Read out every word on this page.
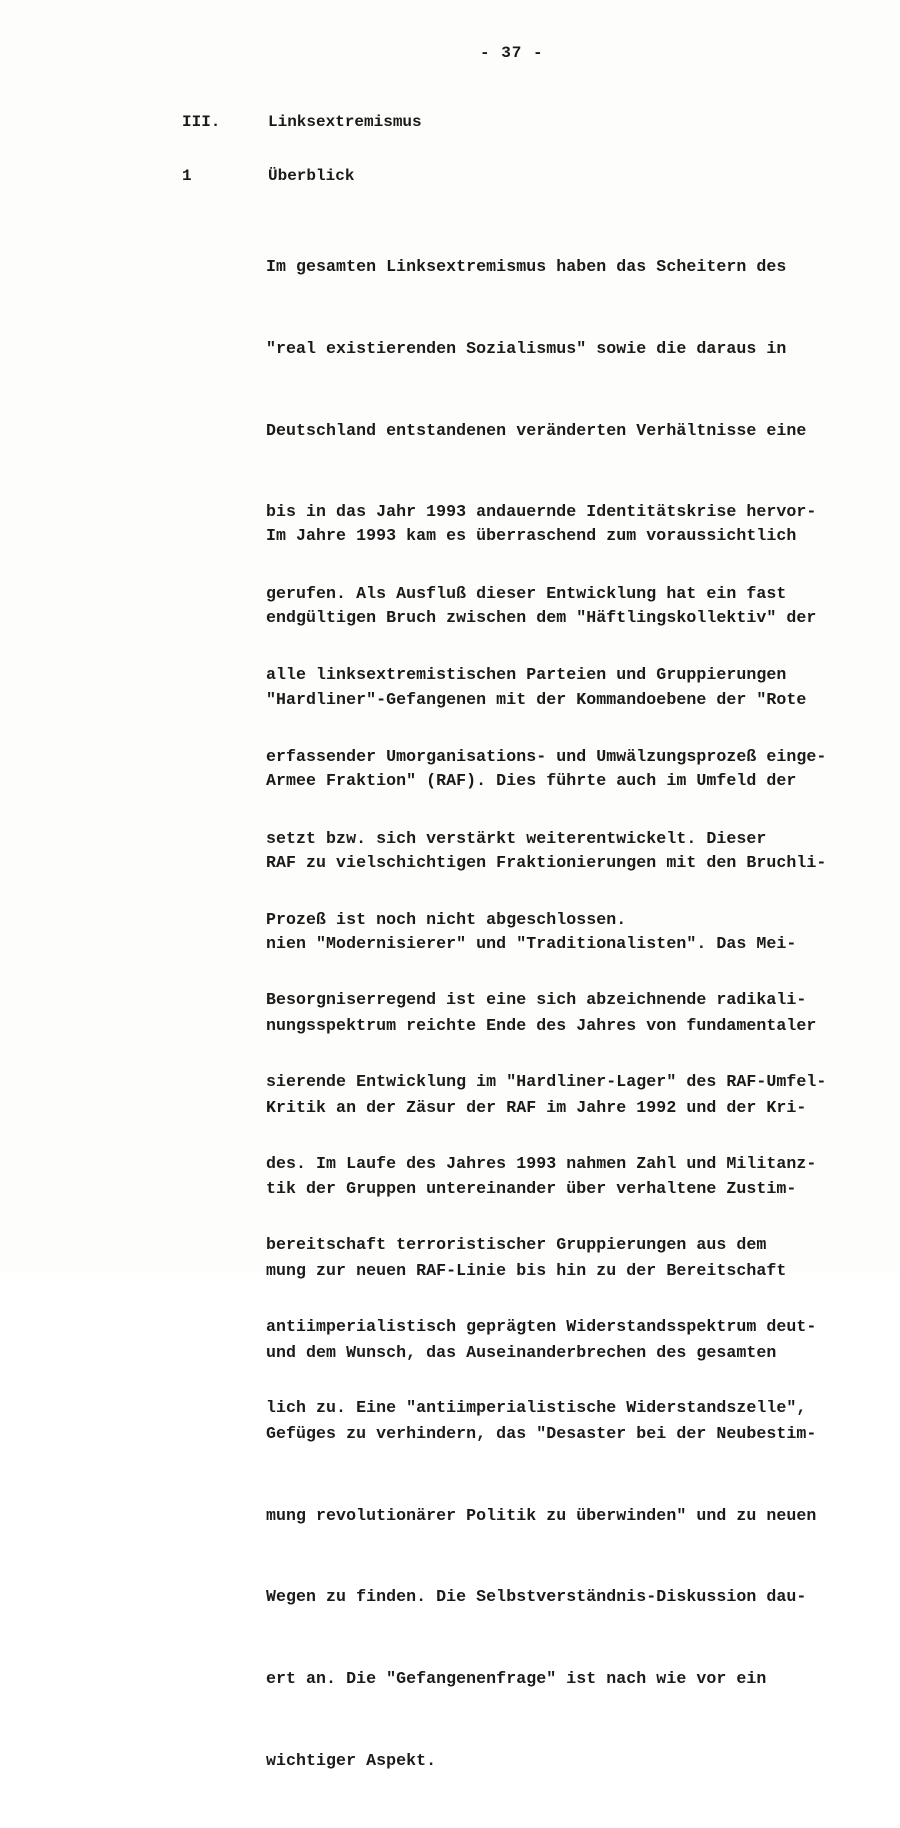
- 37 -
III.	Linksextremismus
1	Überblick

Im gesamten Linksextremismus haben das Scheitern des

"real existierenden Sozialismus" sowie die daraus in

Deutschland entstandenen veränderten Verhältnisse eine

bis in das Jahr 1993 andauernde Identitätskrise hervor-

gerufen. Als Ausfluß dieser Entwicklung hat ein fast

alle linksextremistischen Parteien und Gruppierungen

erfassender Umorganisations- und Umwälzungsprozeß einge-

setzt bzw. sich verstärkt weiterentwickelt. Dieser

Prozeß ist noch nicht abgeschlossen.

Im Jahre 1993 kam es überraschend zum voraussichtlich

endgültigen Bruch zwischen dem "Häftlingskollektiv" der

"Hardliner"-Gefangenen mit der Kommandoebene der "Rote

Armee Fraktion" (RAF). Dies führte auch im Umfeld der

RAF zu vielschichtigen Fraktionierungen mit den Bruchli-

nien "Modernisierer" und "Traditionalisten". Das Mei-

nungsspektrum reichte Ende des Jahres von fundamentaler

Kritik an der Zäsur der RAF im Jahre 1992 und der Kri-

tik der Gruppen untereinander über verhaltene Zustim-

mung zur neuen RAF-Linie bis hin zu der Bereitschaft

und dem Wunsch, das Auseinanderbrechen des gesamten

Gefüges zu verhindern, das "Desaster bei der Neubestim-

mung revolutionärer Politik zu überwinden" und zu neuen

Wegen zu finden. Die Selbstverständnis-Diskussion dau-

ert an. Die "Gefangenenfrage" ist nach wie vor ein

wichtiger Aspekt.

Besorgniserregend ist eine sich abzeichnende radikali-

sierende Entwicklung im "Hardliner-Lager" des RAF-Umfel-

des. Im Laufe des Jahres 1993 nahmen Zahl und Militanz-

bereitschaft terroristischer Gruppierungen aus dem

antiimperialistisch geprägten Widerstandsspektrum deut-

lich zu. Eine "antiimperialistische Widerstandszelle",
